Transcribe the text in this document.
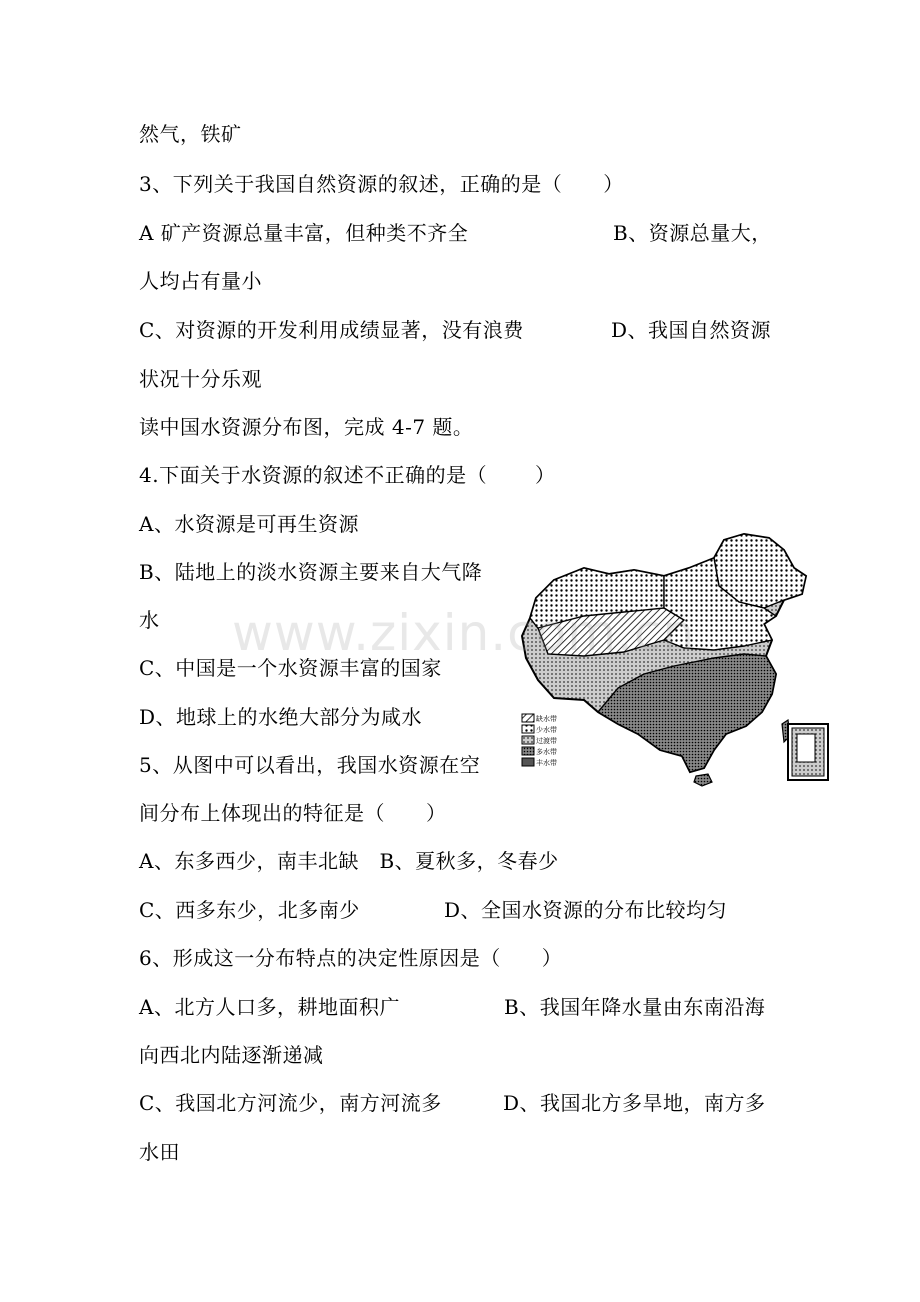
然气，铁矿
3、下列关于我国自然资源的叙述，正确的是（　　）
A 矿产资源总量丰富，但种类不齐全	B、资源总量大，
人均占有量小
C、对资源的开发利用成绩显著，没有浪费	D、我国自然资源
状况十分乐观
读中国水资源分布图，完成 4-7 题。
4.下面关于水资源的叙述不正确的是（　　 ）
A、水资源是可再生资源
B、陆地上的淡水资源主要来自大气降
水
C、中国是一个水资源丰富的国家
D、地球上的水绝大部分为咸水
5、从图中可以看出，我国水资源在空
间分布上体现出的特征是（　　）
A、东多西少，南丰北缺　B、夏秋多，冬春少
C、西多东少，北多南少	D、全国水资源的分布比较均匀
6、形成这一分布特点的决定性原因是（　　）
A、北方人口多，耕地面积广	B、我国年降水量由东南沿海
向西北内陆逐渐递减
C、我国北方河流少，南方河流多	D、我国北方多旱地，南方多
水田
缺水带
少水带
过渡带
多水带
丰水带
www.zixin.com.cn
